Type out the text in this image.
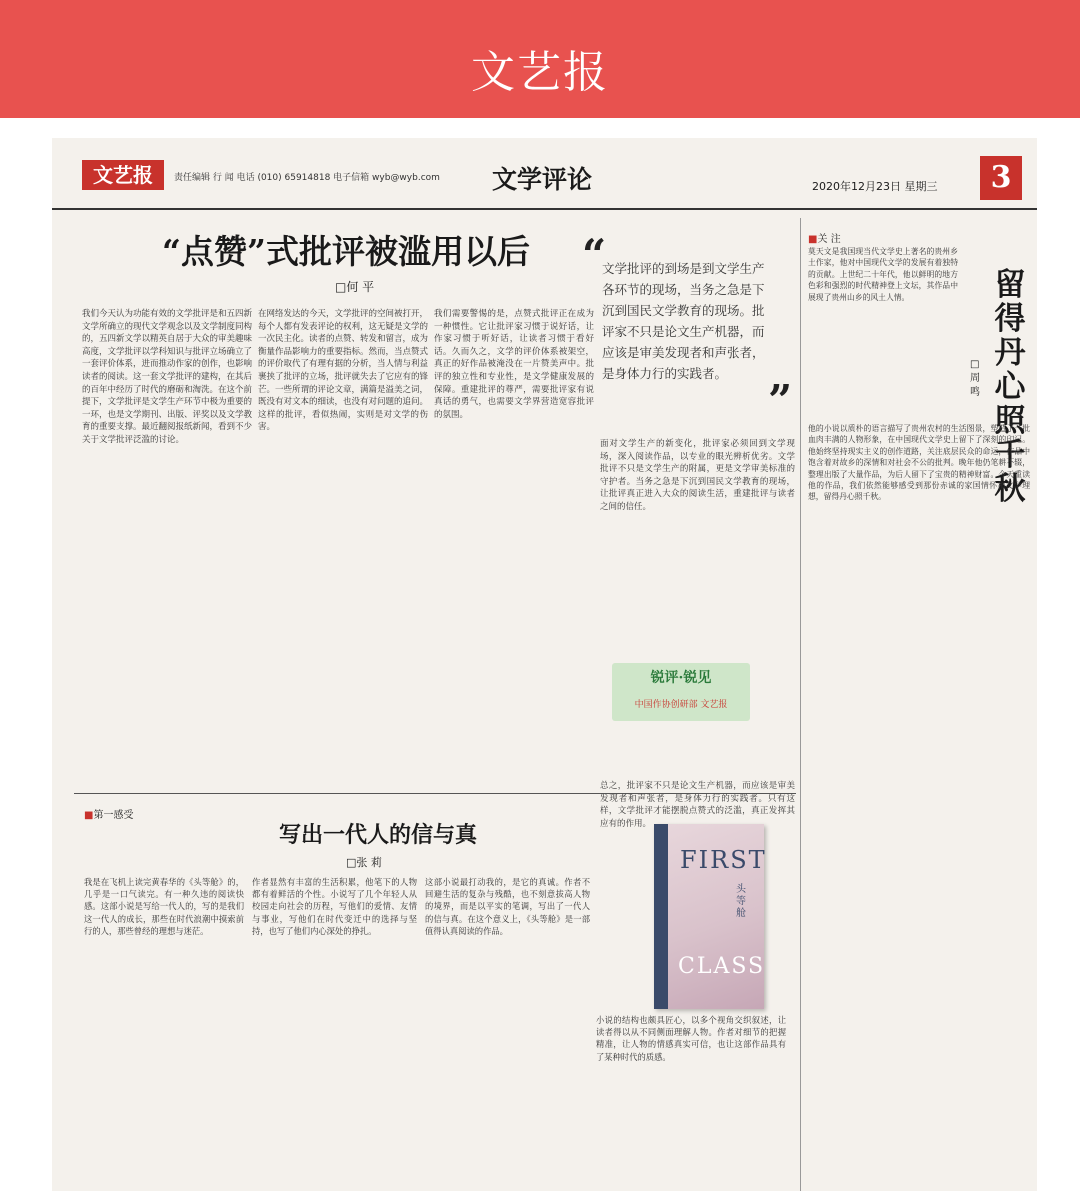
文艺报
文艺报	责任编辑 行 闻 电话 (010) 65914818 电子信箱 wyb@wyb.com 文学评论	2020年12月23日 星期三	3
“点赞”式批评被滥用以后
□何 平
我们今天认为功能有效的文学批评是和五四新文学所确立的现代文学观念以及文学制度同构的，五四新文学以精英自居于大众的审美趣味高度，文学批评以学科知识与批评立场确立了一套评价体系，进而推动作家的创作，也影响读者的阅读。这一套文学批评的建构，在其后的百年中经历了时代的磨砺和淘洗。在这个前提下，文学批评是文学生产环节中极为重要的一环，也是文学期刊、出版、评奖以及文学教育的重要支撑。最近翻阅报纸新闻，看到不少关于文学批评泛滥的讨论。
在网络发达的今天，文学批评的空间被打开，每个人都有发表评论的权利，这无疑是文学的一次民主化。读者的点赞、转发和留言，成为衡量作品影响力的重要指标。然而，当点赞式的评价取代了有理有据的分析，当人情与利益裹挟了批评的立场，批评就失去了它应有的锋芒。一些所谓的评论文章，满篇是溢美之词，既没有对文本的细读，也没有对问题的追问。这样的批评，看似热闹，实则是对文学的伤害。
我们需要警惕的是，点赞式批评正在成为一种惯性。它让批评家习惯于说好话，让作家习惯于听好话，让读者习惯于看好话。久而久之，文学的评价体系被架空，真正的好作品被淹没在一片赞美声中。批评的独立性和专业性，是文学健康发展的保障。重建批评的尊严，需要批评家有说真话的勇气，也需要文学界营造宽容批评的氛围。
“
文学批评的到场是到文学生产各环节的现场，当务之急是下沉到国民文学教育的现场。批评家不只是论文生产机器，而应该是审美发现者和声张者，是身体力行的实践者。
”
面对文学生产的新变化，批评家必须回到文学现场，深入阅读作品，以专业的眼光辨析优劣。文学批评不只是文学生产的附属，更是文学审美标准的守护者。当务之急是下沉到国民文学教育的现场，让批评真正进入大众的阅读生活，重建批评与读者之间的信任。
锐评·锐见
中国作协创研部 文艺报
总之，批评家不只是论文生产机器，而应该是审美发现者和声张者，是身体力行的实践者。只有这样，文学批评才能摆脱点赞式的泛滥，真正发挥其应有的作用。
■关 注
留得丹心照千秋
□周 鸣
莫天文是我国现当代文学史上著名的贵州乡土作家，他对中国现代文学的发展有着独特的贡献。上世纪二十年代，他以鲜明的地方色彩和强烈的时代精神登上文坛，其作品中展现了贵州山乡的风土人情。
他的小说以质朴的语言描写了贵州农村的生活图景，塑造了一批血肉丰满的人物形象，在中国现代文学史上留下了深刻的印记。他始终坚持现实主义的创作道路，关注底层民众的命运，作品中饱含着对故乡的深情和对社会不公的批判。晚年他仍笔耕不辍，整理出版了大量作品，为后人留下了宝贵的精神财富。今天重读他的作品，我们依然能够感受到那份赤诚的家国情怀和文学理想，留得丹心照千秋。
■第一感受
写出一代人的信与真
□张 莉
我是在飞机上读完黄春华的《头等舱》的，几乎是一口气读完。有一种久违的阅读快感。这部小说是写给一代人的，写的是我们这一代人的成长，那些在时代浪潮中摸索前行的人，那些曾经的理想与迷茫。
作者显然有丰富的生活积累，他笔下的人物都有着鲜活的个性。小说写了几个年轻人从校园走向社会的历程，写他们的爱情、友情与事业，写他们在时代变迁中的选择与坚持，也写了他们内心深处的挣扎。
这部小说最打动我的，是它的真诚。作者不回避生活的复杂与残酷，也不刻意拔高人物的境界，而是以平实的笔调，写出了一代人的信与真。在这个意义上，《头等舱》是一部值得认真阅读的作品。
小说的结构也颇具匠心，以多个视角交织叙述，让读者得以从不同侧面理解人物。作者对细节的把握精准，让人物的情感真实可信，也让这部作品具有了某种时代的质感。
FIRST
头等舱
CLASS
